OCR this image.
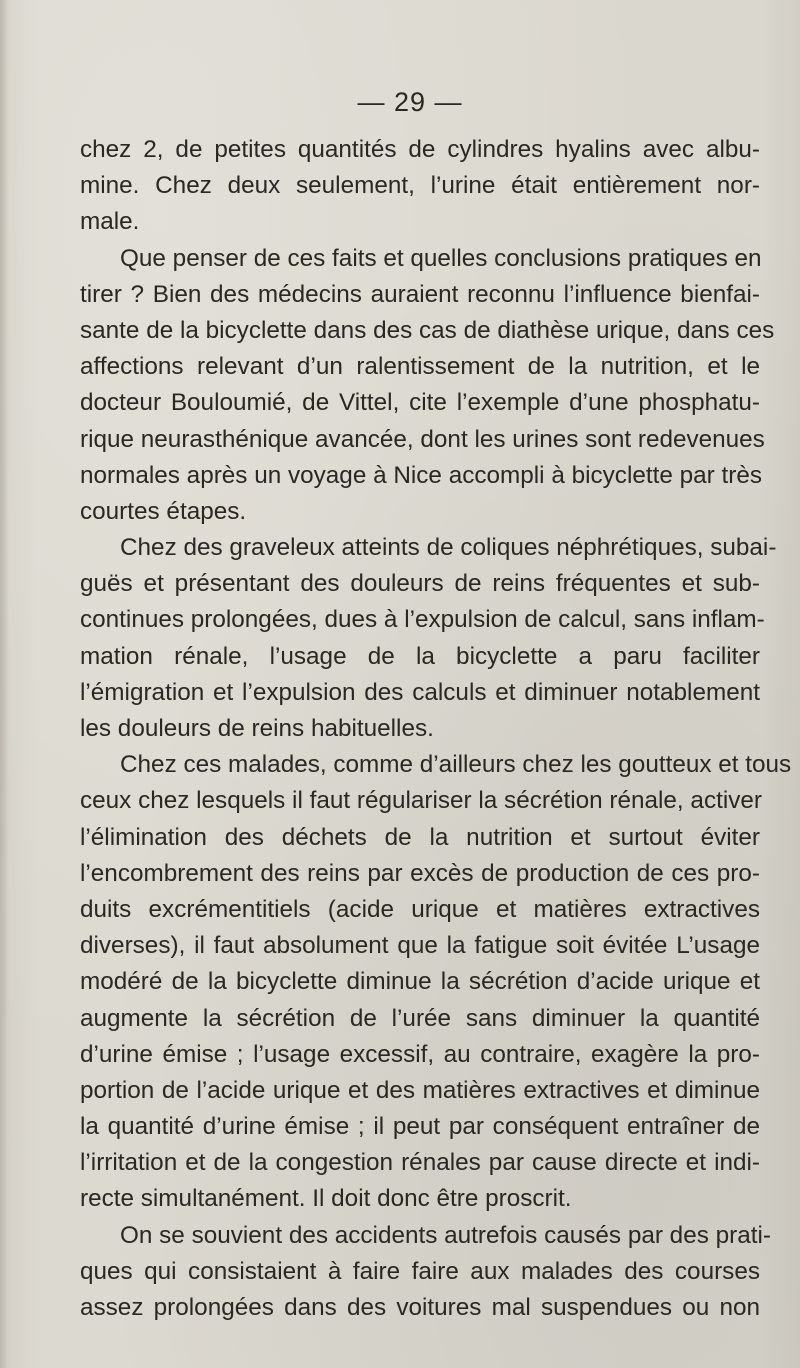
— 29 —
chez 2, de petites quantités de cylindres hyalins avec albu-
mine. Chez deux seulement, l’urine était entièrement nor-
male.
Que penser de ces faits et quelles conclusions pratiques en
tirer ? Bien des médecins auraient reconnu l’influence bienfai-
sante de la bicyclette dans des cas de diathèse urique, dans ces
affections relevant d’un ralentissement de la nutrition, et le
docteur Bouloumié, de Vittel, cite l’exemple d’une phosphatu-
rique neurasthénique avancée, dont les urines sont redevenues
normales après un voyage à Nice accompli à bicyclette par très
courtes étapes.
Chez des graveleux atteints de coliques néphrétiques, subai-
guës et présentant des douleurs de reins fréquentes et sub-
continues prolongées, dues à l’expulsion de calcul, sans inflam-
mation rénale, l’usage de la bicyclette a paru faciliter
l’émigration et l’expulsion des calculs et diminuer notablement
les douleurs de reins habituelles.
Chez ces malades, comme d’ailleurs chez les goutteux et tous
ceux chez lesquels il faut régulariser la sécrétion rénale, activer
l’élimination des déchets de la nutrition et surtout éviter
l’encombrement des reins par excès de production de ces pro-
duits excrémentitiels (acide urique et matières extractives
diverses), il faut absolument que la fatigue soit évitée L’usage
modéré de la bicyclette diminue la sécrétion d’acide urique et
augmente la sécrétion de l’urée sans diminuer la quantité
d’urine émise ; l’usage excessif, au contraire, exagère la pro-
portion de l’acide urique et des matières extractives et diminue
la quantité d’urine émise ; il peut par conséquent entraîner de
l’irritation et de la congestion rénales par cause directe et indi-
recte simultanément. Il doit donc être proscrit.
On se souvient des accidents autrefois causés par des prati-
ques qui consistaient à faire faire aux malades des courses
assez prolongées dans des voitures mal suspendues ou non
